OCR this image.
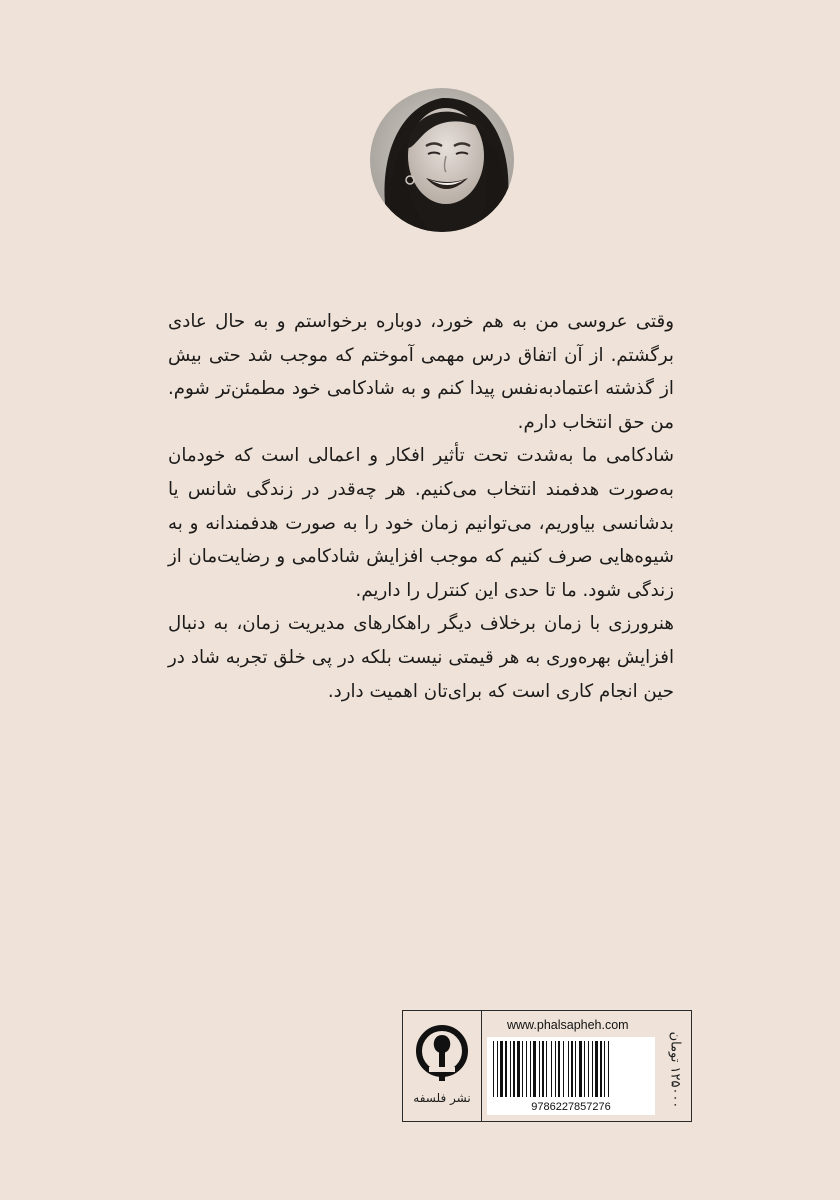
وقتی عروسی من به هم خورد، دوباره برخواستم و به حال عادی برگشتم. از آن اتفاق درس مهمی آموختم که موجب شد حتی بیش از گذشته اعتمادبه‌نفس پیدا کنم و به شادکامی خود مطمئن‌تر شوم. من حق انتخاب دارم.

شادکامی ما به‌شدت تحت تأثیر افکار و اعمالی است که خودمان به‌صورت هدفمند انتخاب می‌کنیم. هر چه‌قدر در زندگی شانس یا بدشانسی بیاوریم، می‌توانیم زمان خود را به صورت هدفمندانه و به شیوه‌هایی صرف کنیم که موجب افزایش شادکامی و رضایت‌مان از زندگی شود. ما تا حدی این کنترل را داریم.

هنرورزی با زمان برخلاف دیگر راهکارهای مدیریت زمان، به دنبال افزایش بهره‌وری به هر قیمتی نیست بلکه در پی خلق تجربه شاد در حین انجام کاری است که برای‌تان اهمیت دارد.

نشر فلسفه
www.phalsapheh.com
9786227857276
۱۲۵۰۰۰ تومان
